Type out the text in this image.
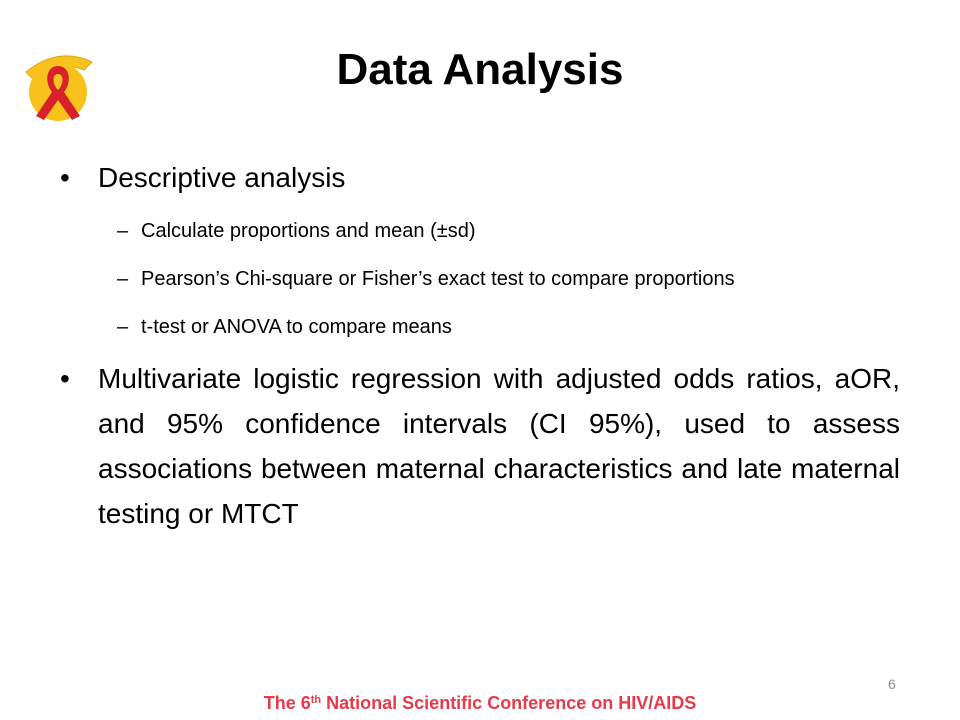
Data Analysis
• Descriptive analysis
– Calculate proportions and mean (±sd)
– Pearson’s Chi-square or Fisher’s exact test to compare proportions
– t-test or ANOVA to compare means
• Multivariate logistic regression with adjusted odds ratios, aOR, and 95% confidence intervals (CI 95%), used to assess associations between maternal characteristics and late maternal testing or MTCT
6
The 6th National Scientific Conference on HIV/AIDS
